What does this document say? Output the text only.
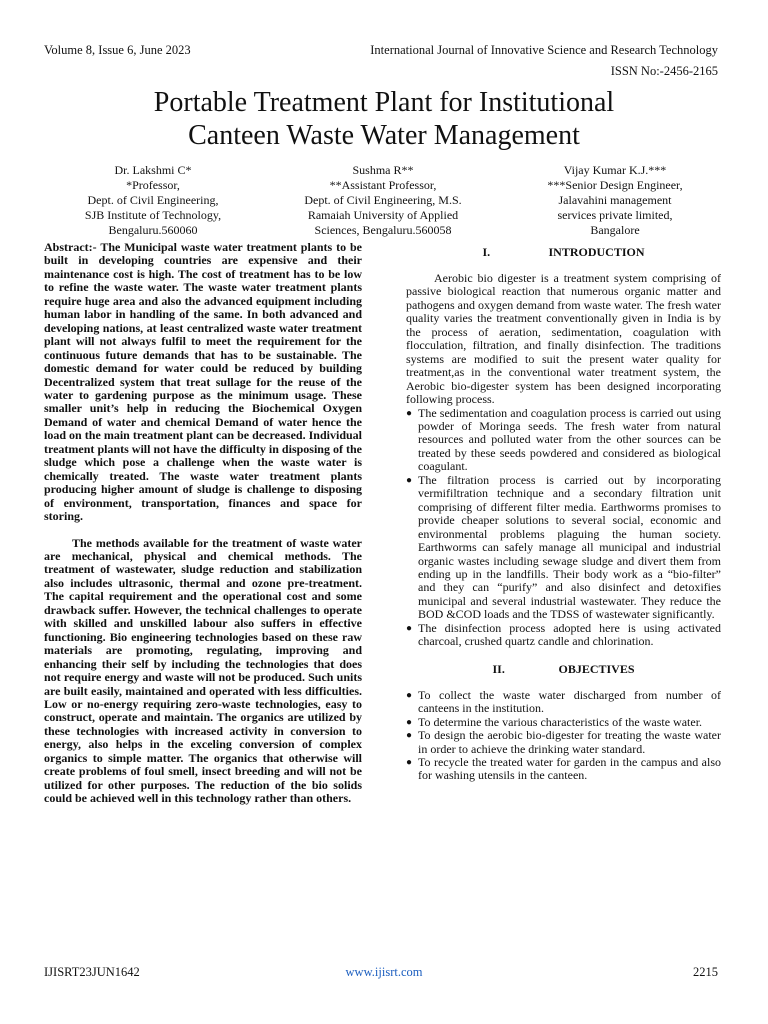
Volume 8, Issue 6, June 2023	International Journal of Innovative Science and Research Technology
ISSN No:-2456-2165
Portable Treatment Plant for Institutional
Canteen Waste Water Management
Dr. Lakshmi C*
*Professor,
Dept. of Civil Engineering,
SJB Institute of Technology,
Bengaluru.560060
Sushma R**
**Assistant Professor,
Dept. of Civil Engineering, M.S.
Ramaiah University of Applied
Sciences, Bengaluru.560058
Vijay Kumar K.J.***
***Senior Design Engineer,
Jalavahini management
services private limited,
Bangalore

Abstract:- The Municipal waste water treatment plants to be built in developing countries are expensive and their maintenance cost is high. The cost of treatment has to be low to refine the waste water. The waste water treatment plants require huge area and also the advanced equipment including human labor in handling of the same. In both advanced and developing nations, at least centralized waste water treatment plant will not always fulfil to meet the requirement for the continuous future demands that has to be sustainable. The domestic demand for water could be reduced by building Decentralized system that treat sullage for the reuse of the water to gardening purpose as the minimum usage. These smaller unit’s help in reducing the Biochemical Oxygen Demand of water and chemical Demand of water hence the load on the main treatment plant can be decreased. Individual treatment plants will not have the difficulty in disposing of the sludge which pose a challenge when the waste water is chemically treated. The waste water treatment plants producing higher amount of sludge is challenge to disposing of environment, transportation, finances and space for storing.

The methods available for the treatment of waste water are mechanical, physical and chemical methods. The treatment of wastewater, sludge reduction and stabilization also includes ultrasonic, thermal and ozone pre-treatment. The capital requirement and the operational cost and some drawback suffer. However, the technical challenges to operate with skilled and unskilled labour also suffers in effective functioning. Bio engineering technologies based on these raw materials are promoting, regulating, improving and enhancing their self by including the technologies that does not require energy and waste will not be produced. Such units are built easily, maintained and operated with less difficulties. Low or no-energy requiring zero-waste technologies, easy to construct, operate and maintain. The organics are utilized by these technologies with increased activity in conversion to energy, also helps in the exceling conversion of complex organics to simple matter. The organics that otherwise will create problems of foul smell, insect breeding and will not be utilized for other purposes. The reduction of the bio solids could be achieved well in this technology rather than others.

I.	INTRODUCTION

Aerobic bio digester is a treatment system comprising of passive biological reaction that numerous organic matter and pathogens and oxygen demand from waste water. The fresh water quality varies the treatment conventionally given in India is by the process of aeration, sedimentation, coagulation with flocculation, filtration, and finally disinfection. The traditions systems are modified to suit the present water quality for treatment,as in the conventional water treatment system, the Aerobic bio-digester system has been designed incorporating following process.

● The sedimentation and coagulation process is carried out using powder of Moringa seeds. The fresh water from natural resources and polluted water from the other sources can be treated by these seeds powdered and considered as biological coagulant.
● The filtration process is carried out by incorporating vermifiltration technique and a secondary filtration unit comprising of different filter media. Earthworms promises to provide cheaper solutions to several social, economic and environmental problems plaguing the human society. Earthworms can safely manage all municipal and industrial organic wastes including sewage sludge and divert them from ending up in the landfills. Their body work as a “bio-filter” and they can “purify” and also disinfect and detoxifies municipal and several industrial wastewater. They reduce the BOD &COD loads and the TDSS of wastewater significantly.
● The disinfection process adopted here is using activated charcoal, crushed quartz candle and chlorination.
II.	OBJECTIVES
● To collect the waste water discharged from number of canteens in the institution.
● To determine the various characteristics of the waste water.
● To design the aerobic bio-digester for treating the waste water in order to achieve the drinking water standard.
● To recycle the treated water for garden in the campus and also for washing utensils in the canteen.
IJISRT23JUN1642	www.ijisrt.com	2215
